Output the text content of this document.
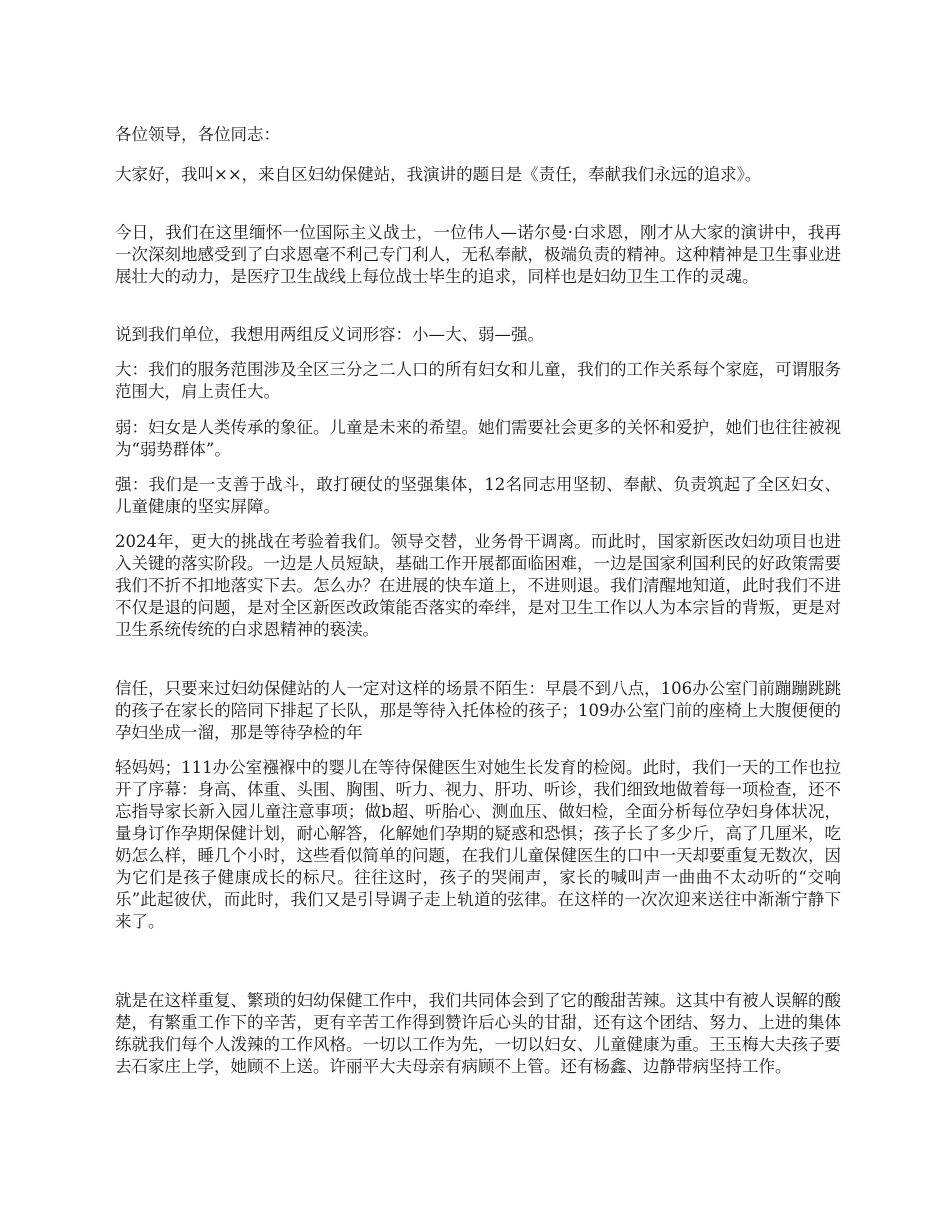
各位领导，各位同志：

大家好，我叫××，来自区妇幼保健站，我演讲的题目是《责任，奉献我们永远的追求》。

今日，我们在这里缅怀一位国际主义战士，一位伟人—诺尔曼·白求恩，刚才从大家的演讲中，我再一次深刻地感受到了白求恩毫不利己专门利人，无私奉献，极端负责的精神。这种精神是卫生事业进展壮大的动力，是医疗卫生战线上每位战士毕生的追求，同样也是妇幼卫生工作的灵魂。

说到我们单位，我想用两组反义词形容：小—大、弱—强。

大：我们的服务范围涉及全区三分之二人口的所有妇女和儿童，我们的工作关系每个家庭，可谓服务范围大，肩上责任大。

弱：妇女是人类传承的象征。儿童是未来的希望。她们需要社会更多的关怀和爱护，她们也往往被视为“弱势群体”。

强：我们是一支善于战斗，敢打硬仗的坚强集体，12名同志用坚韧、奉献、负责筑起了全区妇女、儿童健康的坚实屏障。

2024年，更大的挑战在考验着我们。领导交替，业务骨干调离。而此时，国家新医改妇幼项目也进入关键的落实阶段。一边是人员短缺，基础工作开展都面临困难，一边是国家利国利民的好政策需要我们不折不扣地落实下去。怎么办？在进展的快车道上，不进则退。我们清醒地知道，此时我们不进不仅是退的问题，是对全区新医改政策能否落实的牵绊，是对卫生工作以人为本宗旨的背叛，更是对卫生系统传统的白求恩精神的亵渎。

信任，只要来过妇幼保健站的人一定对这样的场景不陌生：早晨不到八点，106办公室门前蹦蹦跳跳的孩子在家长的陪同下排起了长队，那是等待入托体检的孩子；109办公室门前的座椅上大腹便便的孕妇坐成一溜，那是等待孕检的年

轻妈妈；111办公室襁褓中的婴儿在等待保健医生对她生长发育的检阅。此时，我们一天的工作也拉开了序幕：身高、体重、头围、胸围、听力、视力、肝功、听诊，我们细致地做着每一项检查，还不忘指导家长新入园儿童注意事项；做b超、听胎心、测血压、做妇检，全面分析每位孕妇身体状况，量身订作孕期保健计划，耐心解答，化解她们孕期的疑惑和恐惧；孩子长了多少斤，高了几厘米，吃奶怎么样，睡几个小时，这些看似简单的问题，在我们儿童保健医生的口中一天却要重复无数次，因为它们是孩子健康成长的标尺。往往这时，孩子的哭闹声，家长的喊叫声一曲曲不太动听的“交响乐”此起彼伏，而此时，我们又是引导调子走上轨道的弦律。在这样的一次次迎来送往中渐渐宁静下来了。

就是在这样重复、繁琐的妇幼保健工作中，我们共同体会到了它的酸甜苦辣。这其中有被人误解的酸楚，有繁重工作下的辛苦，更有辛苦工作得到赞许后心头的甘甜，还有这个团结、努力、上进的集体练就我们每个人泼辣的工作风格。一切以工作为先，一切以妇女、儿童健康为重。王玉梅大夫孩子要去石家庄上学，她顾不上送。许丽平大夫母亲有病顾不上管。还有杨鑫、边静带病坚持工作。
